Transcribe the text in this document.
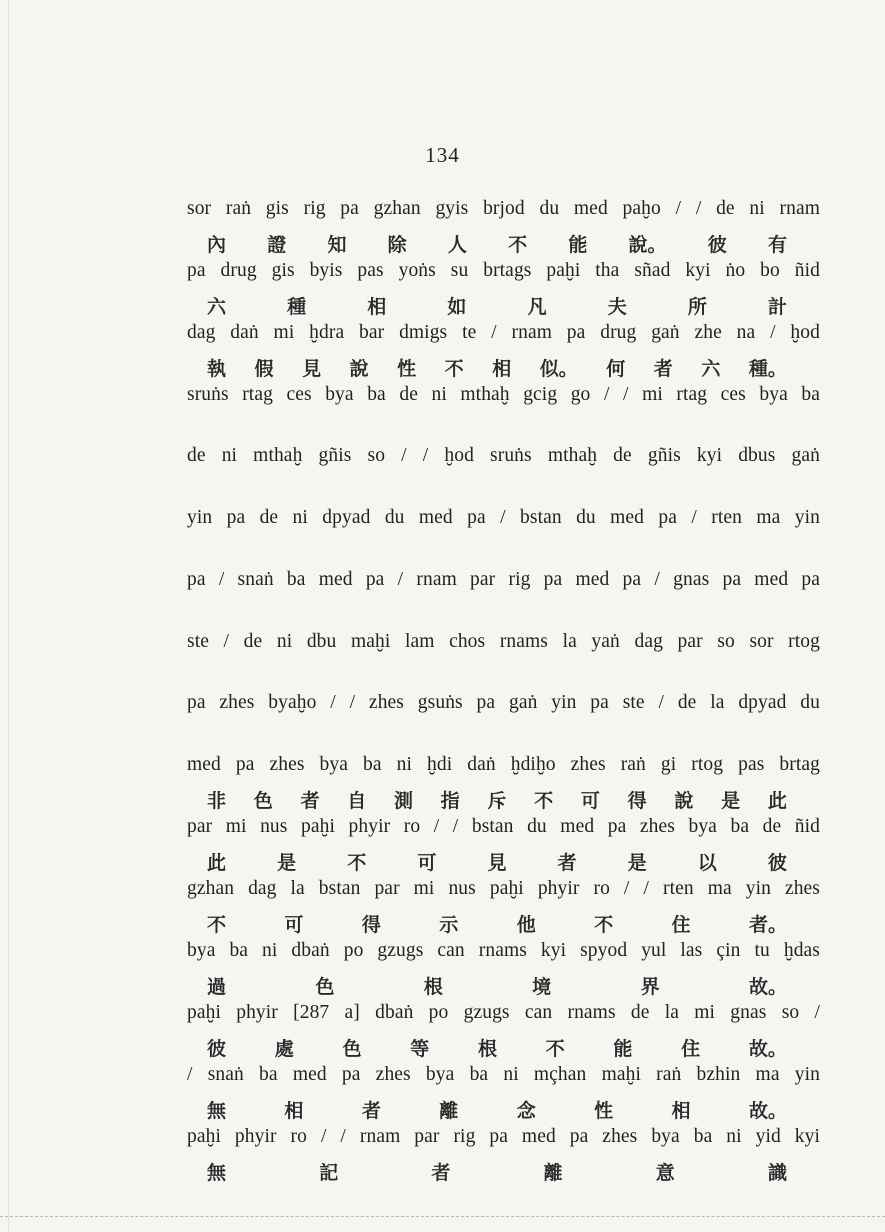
134
sor raṅ gis rig pa gzhan gyis brjod du med paḫo / / de ni rnam
內 證 知 除 人 不 能 說。 彼 有
pa drug gis byis pas yoṅs su brtags paḫi tha sñad kyi ṅo bo ñid
六	種	相	如	凡	夫	所	計
dag daṅ mi ḫdra bar dmigs te / rnam pa drug gaṅ zhe na / ḫod
執 假 見 說 性 不 相 似。 何 者 六 種。
sruṅs rtag ces bya ba de ni mthaḫ gcig go / / mi rtag ces bya ba
de ni mthaḫ gñis so / / ḫod sruṅs mthaḫ de gñis kyi dbus gaṅ
yin pa de ni dpyad du med pa / bstan du med pa / rten ma yin
pa / snaṅ ba med pa / rnam par rig pa med pa / gnas pa med pa
ste / de ni dbu maḫi lam chos rnams la yaṅ dag par so sor rtog
pa zhes byaḫo / / zhes gsuṅs pa gaṅ yin pa ste / de la dpyad du
med pa zhes bya ba ni ḫdi daṅ ḫdiḫo zhes raṅ gi rtog pas brtag
非 色 者 自 測 指 斥 不 可 得 說 是 此
par mi nus paḫi phyir ro / / bstan du med pa zhes bya ba de ñid
此	是	不	可	見	者	是	以	彼
gzhan dag la bstan par mi nus paḫi phyir ro / / rten ma yin zhes
不	可	得	示	他	不	住	者。
bya ba ni dbaṅ po gzugs can rnams kyi spyod yul las çin tu ḫdas
過	色	根	境	界	故。
paḫi phyir [287 a] dbaṅ po gzugs can rnams de la mi gnas so /
彼	處	色	等	根	不	能	住	故。
/ snaṅ ba med pa zhes bya ba ni mçhan maḫi raṅ bzhin ma yin
無	相	者	離	念	性	相	故。
paḫi phyir ro / / rnam par rig pa med pa zhes bya ba ni yid kyi
無	記	者	離	意	識
